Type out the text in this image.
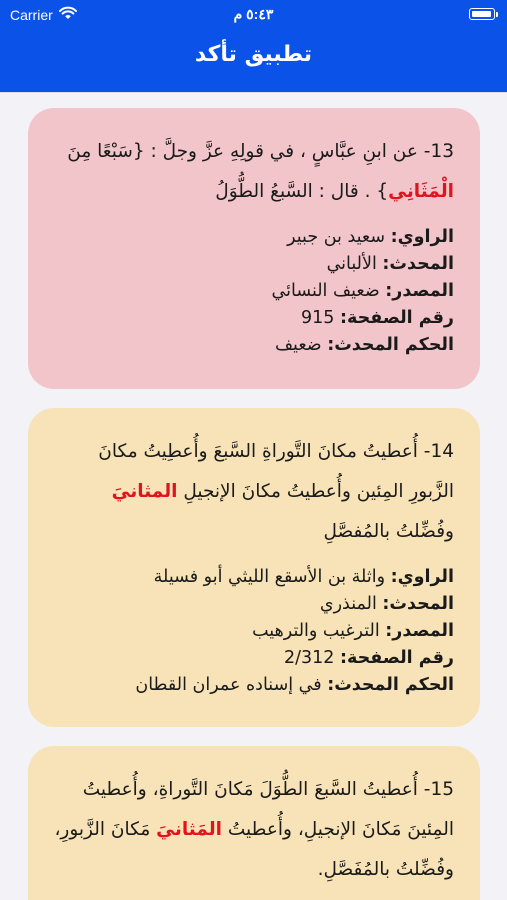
Carrier	٥:٤٣ م
تطبيق تأكد
13- عن ابنِ عبَّاسٍ ، في قولِهِ عزَّ وجلَّ : {سَبْعًا مِنَ الْمَثَانِي} . قال : السَّبعُ الطُّوَلُ
الراوي: سعيد بن جبير
المحدث: الألباني
المصدر: ضعيف النسائي
رقم الصفحة: 915
الحكم المحدث: ضعيف
14- أُعطيتُ مكانَ التَّوراةِ السَّبعَ وأُعطِيتُ مكانَ الزَّبورِ المِئين وأُعطيتُ مكانَ الإنجيلِ المثانيَ وفُضِّلتُ بالمُفصَّلِ
الراوي: واثلة بن الأسقع الليثي أبو فسيلة
المحدث: المنذري
المصدر: الترغيب والترهيب
رقم الصفحة: 2/312
الحكم المحدث: في إسناده عمران القطان
15- أُعطيتُ السَّبعَ الطُّوَلَ مَكانَ التَّوراةِ، وأُعطيتُ المِئينَ مَكانَ الإنجيلِ، وأُعطيتُ المَثانيَ مَكانَ الزَّبورِ، وفُضِّلتُ بالمُفَصَّلِ.
